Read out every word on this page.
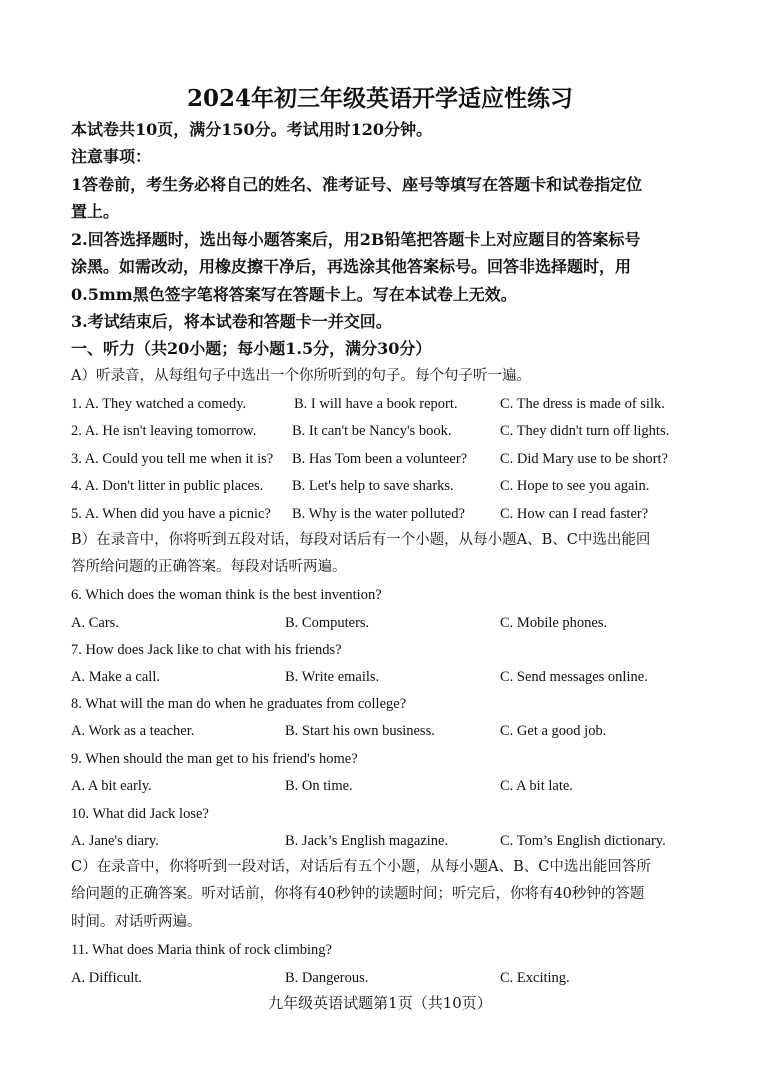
2024年初三年级英语开学适应性练习
本试卷共10页，满分150分。考试用时120分钟。
注意事项：
1答卷前，考生务必将自己的姓名、准考证号、座号等填写在答题卡和试卷指定位
置上。
2.回答选择题时，选出每小题答案后，用2B铅笔把答题卡上对应题目的答案标号
涂黑。如需改动，用橡皮擦干净后，再选涂其他答案标号。回答非选择题时，用
0.5mm黑色签字笔将答案写在答题卡上。写在本试卷上无效。
3.考试结束后，将本试卷和答题卡一并交回。
一、听力（共20小题；每小题1.5分，满分30分）
A）听录音，从每组句子中选出一个你所听到的句子。每个句子听一遍。
1. A. They watched a comedy.	B. I will have a book report.	C. The dress is made of silk.
2. A. He isn't leaving tomorrow. B. It can't be Nancy's book.	C. They didn't turn off lights.
3. A. Could you tell me when it is? B. Has Tom been a volunteer? C. Did Mary use to be short?
4. A. Don't litter in public places. B. Let's help to save sharks.	C. Hope to see you again.
5. A. When did you have a picnic? B. Why is the water polluted? C. How can I read faster?
B）在录音中，你将听到五段对话，每段对话后有一个小题，从每小题A、B、C中选出能回
答所给问题的正确答案。每段对话听两遍。
6. Which does the woman think is the best invention?
A. Cars.	B. Computers.	C. Mobile phones.
7. How does Jack like to chat with his friends?
A. Make a call.	B. Write emails.	C. Send messages online.
8. What will the man do when he graduates from college?
A. Work as a teacher.	B. Start his own business.	C. Get a good job.
9. When should the man get to his friend's home?
A. A bit early.	B. On time.	C. A bit late.
10. What did Jack lose?
A. Jane's diary.	B. Jack’s English magazine.	C. Tom’s English dictionary.
C）在录音中，你将听到一段对话，对话后有五个小题，从每小题A、B、C中选出能回答所
给问题的正确答案。听对话前，你将有40秒钟的读题时间；听完后，你将有40秒钟的答题
时间。对话听两遍。
11. What does Maria think of rock climbing?
A. Difficult.	B. Dangerous.	C. Exciting.
九年级英语试题第1页（共10页）
